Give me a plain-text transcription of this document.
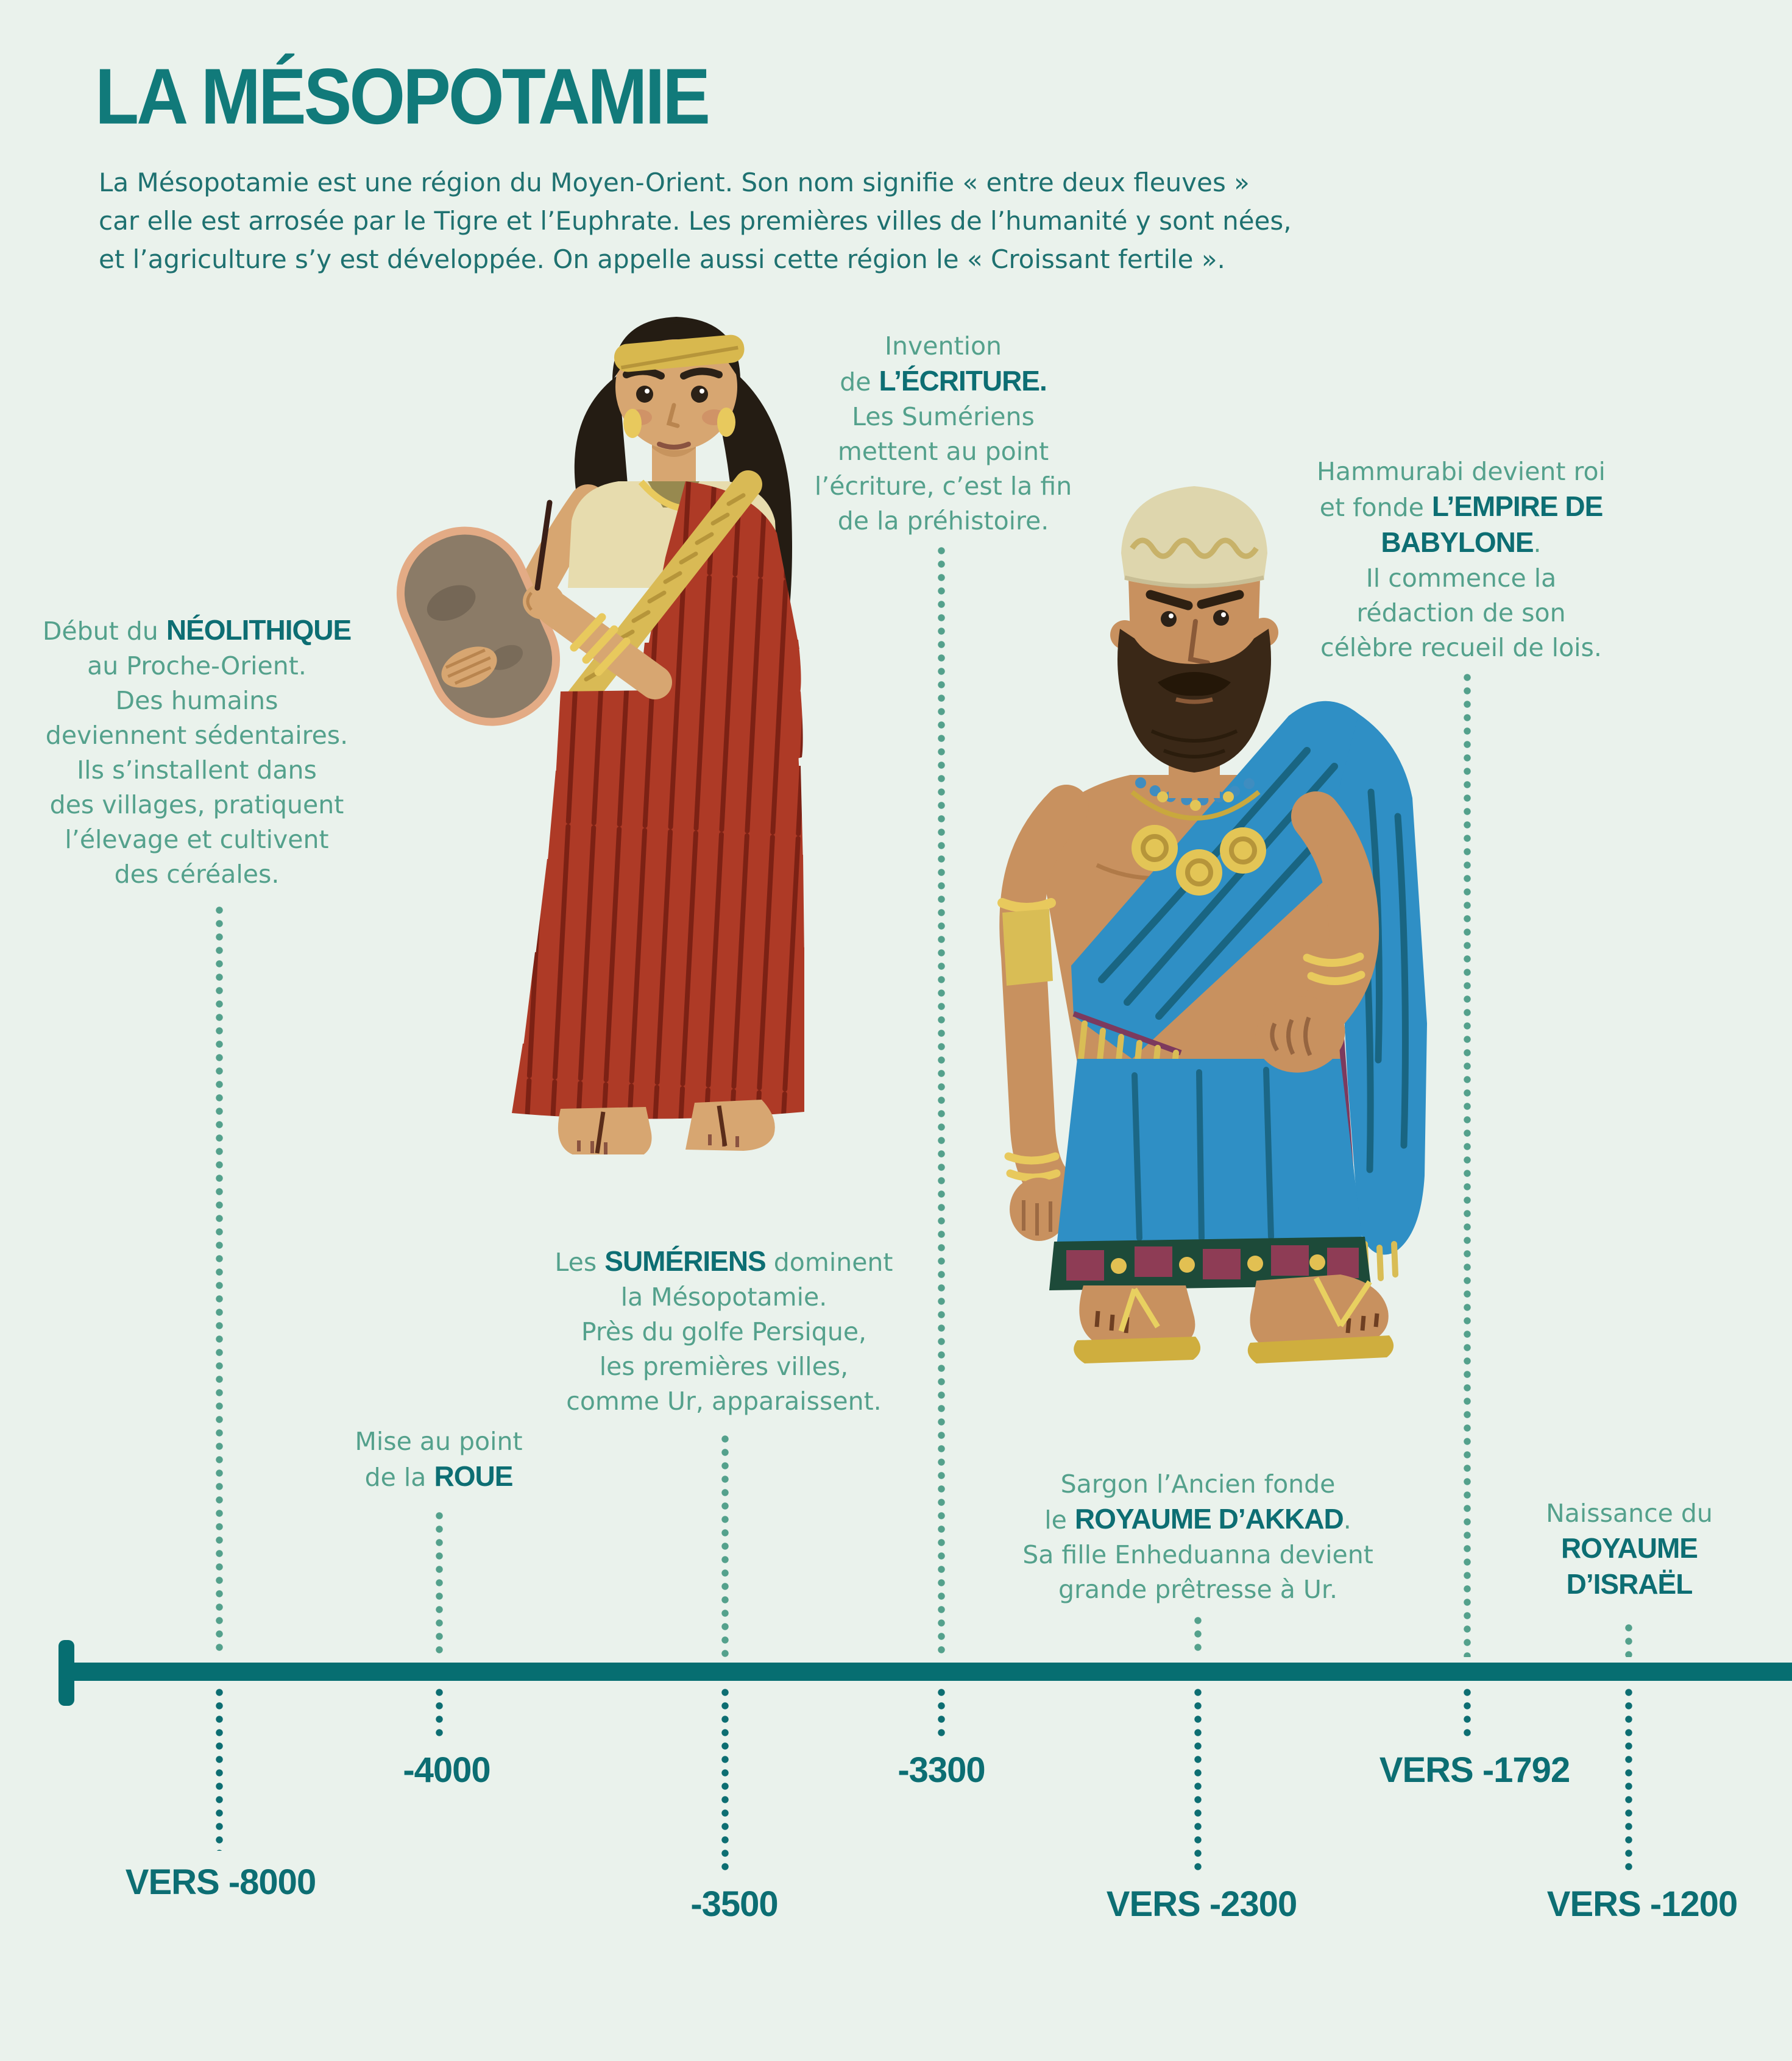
LA MÉSOPOTAMIE
La Mésopotamie est une région du Moyen-Orient. Son nom signifie « entre deux fleuves »
car elle est arrosée par le Tigre et l’Euphrate. Les premières villes de l’humanité y sont nées,
et l’agriculture s’y est développée. On appelle aussi cette région le « Croissant fertile ».
Début du NÉOLITHIQUE
au Proche-Orient.
Des humains
deviennent sédentaires.
Ils s’installent dans
des villages, pratiquent
l’élevage et cultivent
des céréales.
Mise au point
de la ROUE
Les SUMÉRIENS dominent
la Mésopotamie.
Près du golfe Persique,
les premières villes,
comme Ur, apparaissent.
Invention
de L’ÉCRITURE.
Les Sumériens
mettent au point
l’écriture, c’est la fin
de la préhistoire.
Sargon l’Ancien fonde
le ROYAUME D’AKKAD.
Sa fille Enheduanna devient
grande prêtresse à Ur.
Hammurabi devient roi
et fonde L’EMPIRE DE
BABYLONE.
Il commence la
rédaction de son
célèbre recueil de lois.
Naissance du
ROYAUME
D’ISRAËL
VERS -8000
-4000
-3500
-3300
VERS -2300
VERS -1792
VERS -1200
